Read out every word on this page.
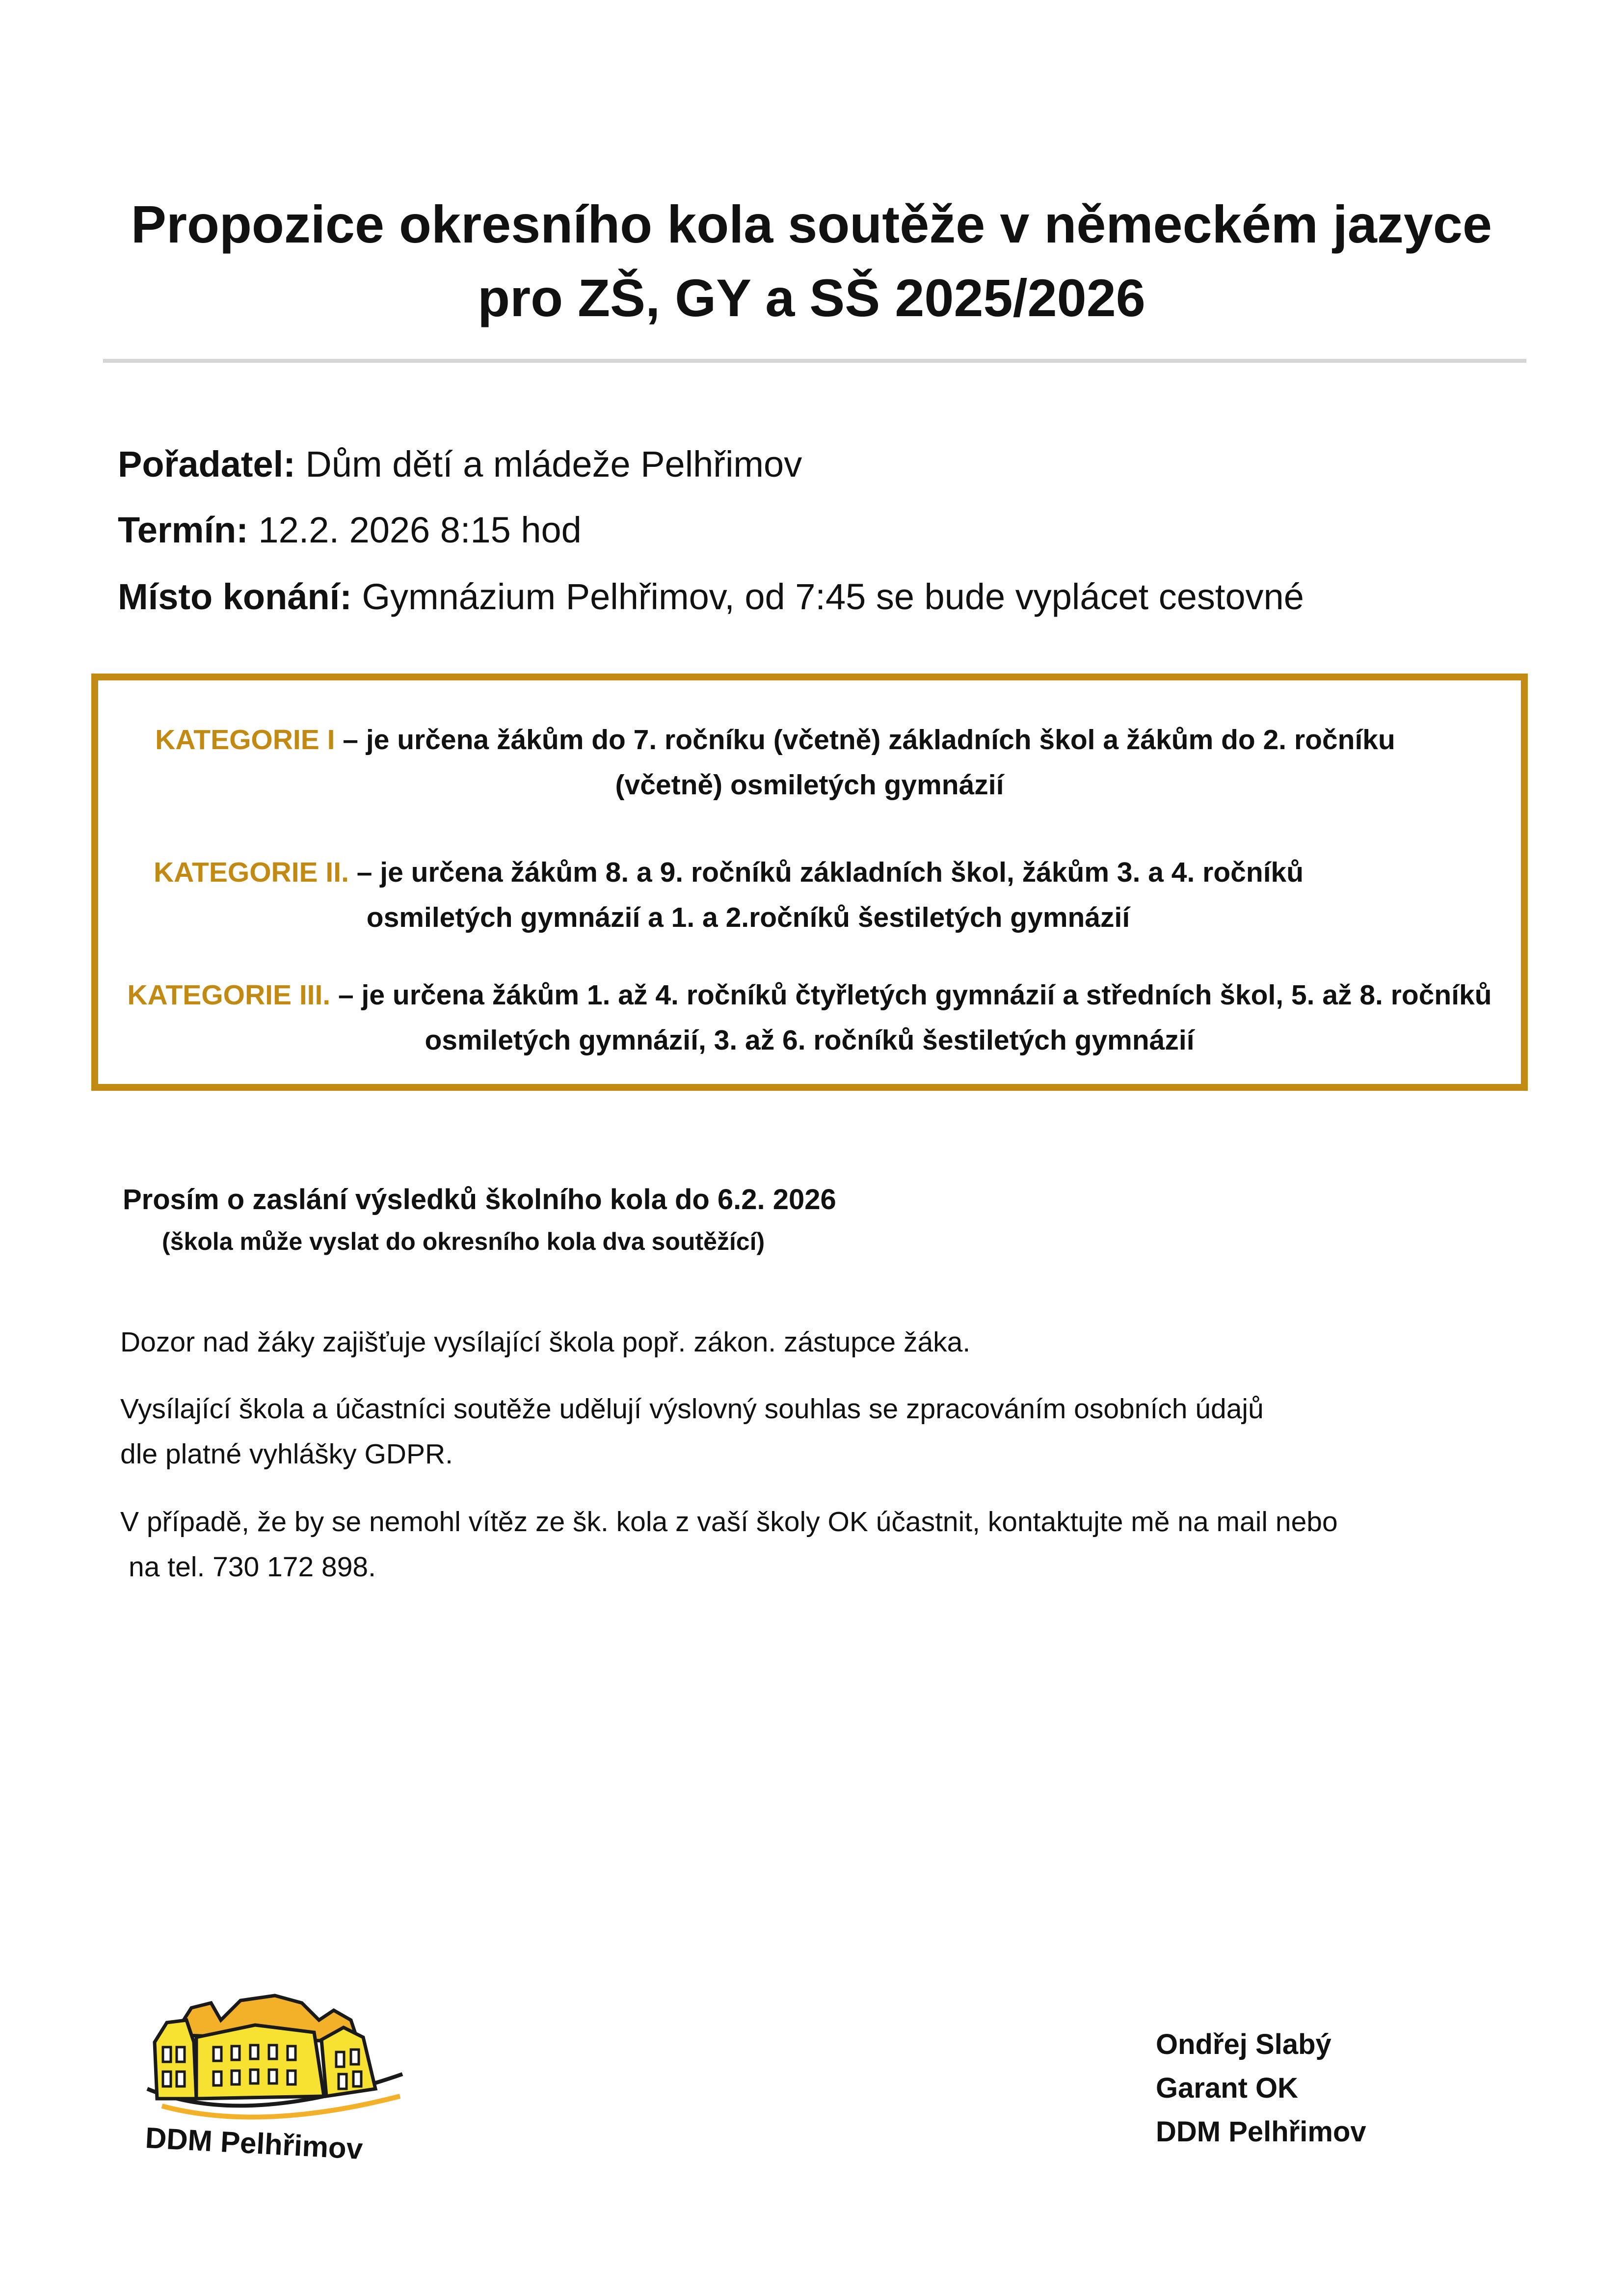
Propozice okresního kola soutěže v německém jazyce
pro ZŠ, GY a SŠ 2025/2026
Pořadatel: Dům dětí a mládeže Pelhřimov
Termín: 12.2. 2026 8:15 hod
Místo konání: Gymnázium Pelhřimov, od 7:45 se bude vyplácet cestovné
KATEGORIE I – je určena žákům do 7. ročníku (včetně) základních škol a žákům do 2. ročníku
(včetně) osmiletých gymnázií
KATEGORIE II. – je určena žákům 8. a 9. ročníků základních škol, žákům 3. a 4. ročníků
osmiletých gymnázií a 1. a 2.ročníků šestiletých gymnázií
KATEGORIE III. – je určena žákům 1. až 4. ročníků čtyřletých gymnázií a středních škol, 5. až 8. ročníků
osmiletých gymnázií, 3. až 6. ročníků šestiletých gymnázií
Prosím o zaslání výsledků školního kola do 6.2. 2026
(škola může vyslat do okresního kola dva soutěžící)
Dozor nad žáky zajišťuje vysílající škola popř. zákon. zástupce žáka.
Vysílající škola a účastníci soutěže udělují výslovný souhlas se zpracováním osobních údajů
dle platné vyhlášky GDPR.
V případě, že by se nemohl vítěz ze šk. kola z vaší školy OK účastnit, kontaktujte mě na mail nebo
na tel. 730 172 898.
DDM Pelhřimov
Ondřej Slabý
Garant OK
DDM Pelhřimov
